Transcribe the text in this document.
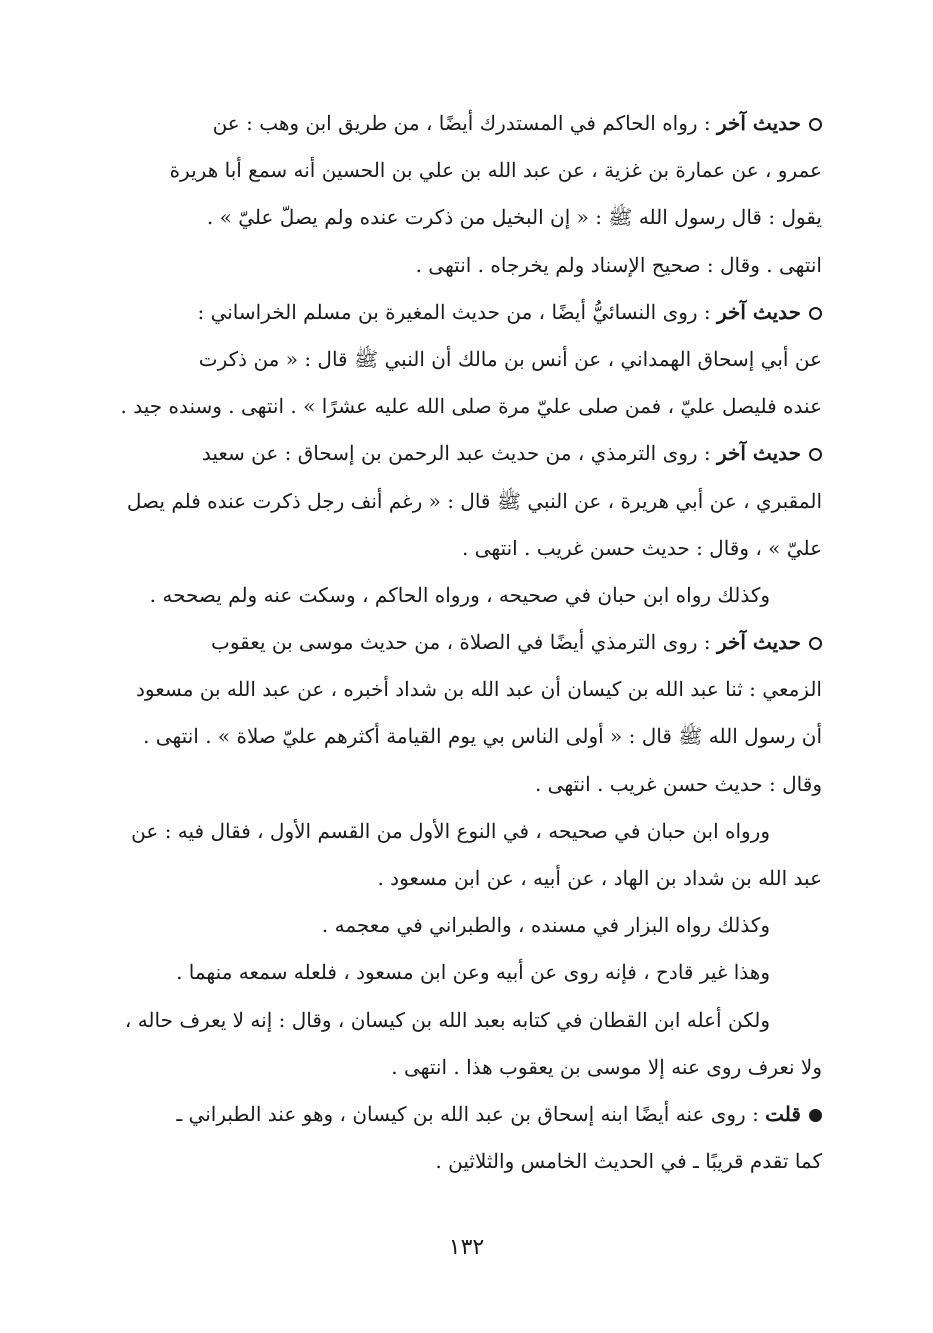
حديث آخر : رواه الحاكم في المستدرك أيضًا ، من طريق ابن وهب : عن
عمرو ، عن عمارة بن غزية ، عن عبد الله بن علي بن الحسين أنه سمع أبا هريرة
يقول : قال رسول الله ﷺ : « إن البخيل من ذكرت عنده ولم يصلّ عليّ » .
انتهى . وقال : صحيح الإسناد ولم يخرجاه . انتهى .
حديث آخر : روى النسائيُّ أيضًا ، من حديث المغيرة بن مسلم الخراساني :
عن أبي إسحاق الهمداني ، عن أنس بن مالك أن النبي ﷺ قال : « من ذكرت
عنده فليصل عليّ ، فمن صلى عليّ مرة صلى الله عليه عشرًا » . انتهى . وسنده جيد .
حديث آخر : روى الترمذي ، من حديث عبد الرحمن بن إسحاق : عن سعيد
المقبري ، عن أبي هريرة ، عن النبي ﷺ قال : « رغم أنف رجل ذكرت عنده فلم يصل
عليّ » ، وقال : حديث حسن غريب . انتهى .
وكذلك رواه ابن حبان في صحيحه ، ورواه الحاكم ، وسكت عنه ولم يصححه .
حديث آخر : روى الترمذي أيضًا في الصلاة ، من حديث موسى بن يعقوب
الزمعي : ثنا عبد الله بن كيسان أن عبد الله بن شداد أخبره ، عن عبد الله بن مسعود
أن رسول الله ﷺ قال : « أولى الناس بي يوم القيامة أكثرهم عليّ صلاة » . انتهى .
وقال : حديث حسن غريب . انتهى .
ورواه ابن حبان في صحيحه ، في النوع الأول من القسم الأول ، فقال فيه : عن
عبد الله بن شداد بن الهاد ، عن أبيه ، عن ابن مسعود .
وكذلك رواه البزار في مسنده ، والطبراني في معجمه .
وهذا غير قادح ، فإنه روى عن أبيه وعن ابن مسعود ، فلعله سمعه منهما .
ولكن أعله ابن القطان في كتابه بعبد الله بن كيسان ، وقال : إنه لا يعرف حاله ،
ولا نعرف روى عنه إلا موسى بن يعقوب هذا . انتهى .
قلت : روى عنه أيضًا ابنه إسحاق بن عبد الله بن كيسان ، وهو عند الطبراني ـ
كما تقدم قريبًا ـ في الحديث الخامس والثلاثين .
١٣٢
